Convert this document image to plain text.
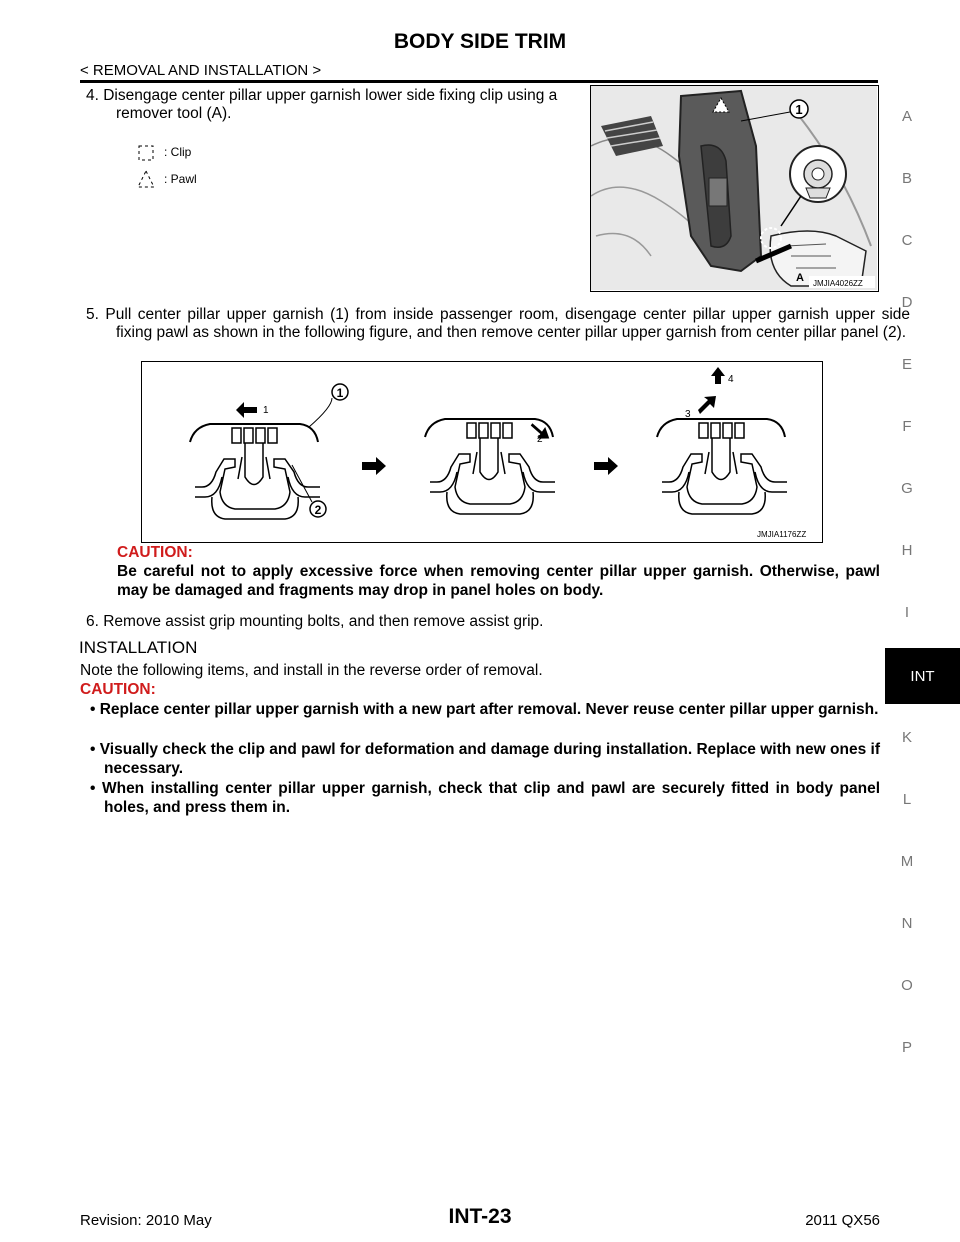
BODY SIDE TRIM
< REMOVAL AND INSTALLATION >
A
B
C
D
E
F
G
H
I
INT
K
L
M
N
O
P
4. Disengage center pillar upper garnish lower side fixing clip using a remover tool (A).
: Clip
: Pawl
1
A JMJIA4026ZZ
5. Pull center pillar upper garnish (1) from inside passenger room, disengage center pillar upper garnish upper side fixing pawl as shown in the following figure, and then remove center pillar upper garnish from center pillar panel (2).
1
2
3
4
1
2
JMJIA1176ZZ
CAUTION:
Be careful not to apply excessive force when removing center pillar upper garnish. Otherwise, pawl may be damaged and fragments may drop in panel holes on body.
6. Remove assist grip mounting bolts, and then remove assist grip.
INSTALLATION
Note the following items, and install in the reverse order of removal.
CAUTION:
• Replace center pillar upper garnish with a new part after removal. Never reuse center pillar upper garnish.
• Visually check the clip and pawl for deformation and damage during installation. Replace with new ones if necessary.
• When installing center pillar upper garnish, check that clip and pawl are securely fitted in body panel holes, and press them in.
Revision: 2010 May	INT-23	2011 QX56
